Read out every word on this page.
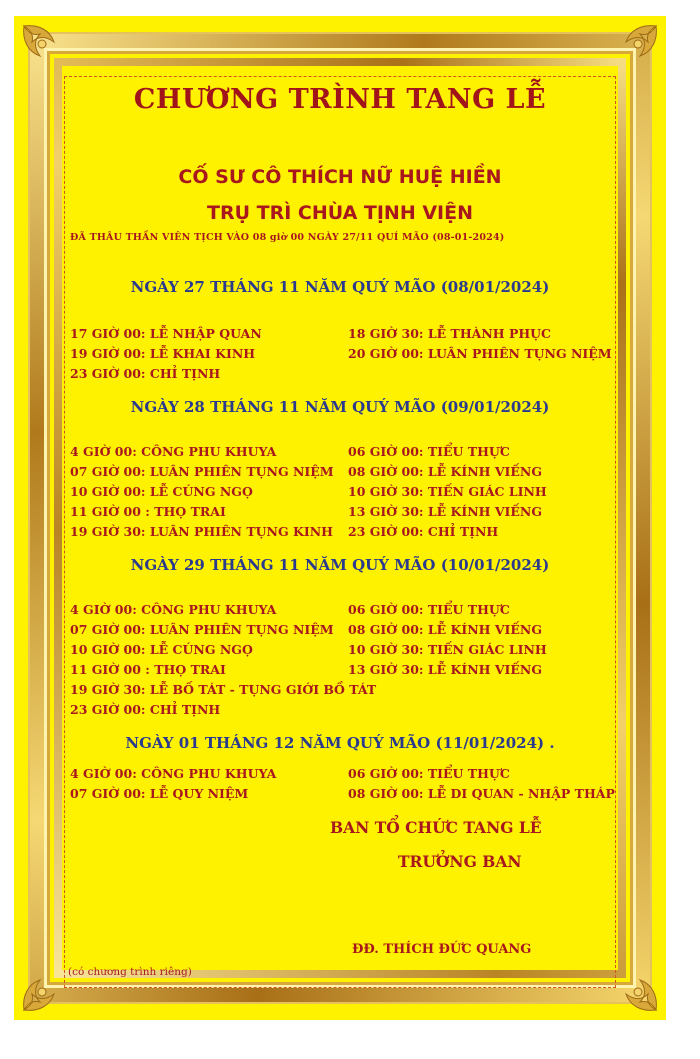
CHƯƠNG TRÌNH TANG LỄ
CỐ SƯ CÔ THÍCH NỮ HUỆ HIỀN
TRỤ TRÌ CHÙA TỊNH VIỆN
ĐÃ THÂU THẦN VIÊN TỊCH VÀO 08 giờ 00 NGÀY 27/11 QUÍ MÃO (08-01-2024)
NGÀY 27 THÁNG 11 NĂM QUÝ MÃO (08/01/2024)
17 GIỜ 00: LỄ NHẬP QUAN	18 GIỜ 30: LỄ THÀNH PHỤC
19 GIỜ 00: LỄ KHAI KINH	20 GIỜ 00: LUÂN PHIÊN TỤNG NIỆM
23 GIỜ 00: CHỈ TỊNH
NGÀY 28 THÁNG 11 NĂM QUÝ MÃO (09/01/2024)
4 GIỜ 00: CÔNG PHU KHUYA	06 GIỜ 00: TIỂU THỰC
07 GIỜ 00: LUÂN PHIÊN TỤNG NIỆM 08 GIỜ 00: LỄ KÍNH VIẾNG
10 GIỜ 00: LỄ CÚNG NGỌ	10 GIỜ 30: TIẾN GIÁC LINH
11 GIỜ 00 : THỌ TRAI	13 GIỜ 30: LỄ KÍNH VIẾNG
19 GIỜ 30: LUÂN PHIÊN TỤNG KINH 23 GIỜ 00: CHỈ TỊNH
NGÀY 29 THÁNG 11 NĂM QUÝ MÃO (10/01/2024)
4 GIỜ 00: CÔNG PHU KHUYA	06 GIỜ 00: TIỂU THỰC
07 GIỜ 00: LUÂN PHIÊN TỤNG NIỆM 08 GIỜ 00: LỄ KÍNH VIẾNG
10 GIỜ 00: LỄ CÚNG NGỌ	10 GIỜ 30: TIẾN GIÁC LINH
11 GIỜ 00 : THỌ TRAI	13 GIỜ 30: LỄ KÍNH VIẾNG
19 GIỜ 30: LỄ BỐ TÁT - TỤNG GIỚI BỒ TÁT
23 GIỜ 00: CHỈ TỊNH
NGÀY 01 THÁNG 12 NĂM QUÝ MÃO (11/01/2024) .
4 GIỜ 00: CÔNG PHU KHUYA	06 GIỜ 00: TIỂU THỰC
07 GIỜ 00: LỄ QUY NIỆM	08 GIỜ 00: LỄ DI QUAN - NHẬP THÁP
BAN TỔ CHỨC TANG LỄ
TRƯỞNG BAN
ĐĐ. THÍCH ĐỨC QUANG
(có chương trình riêng)
